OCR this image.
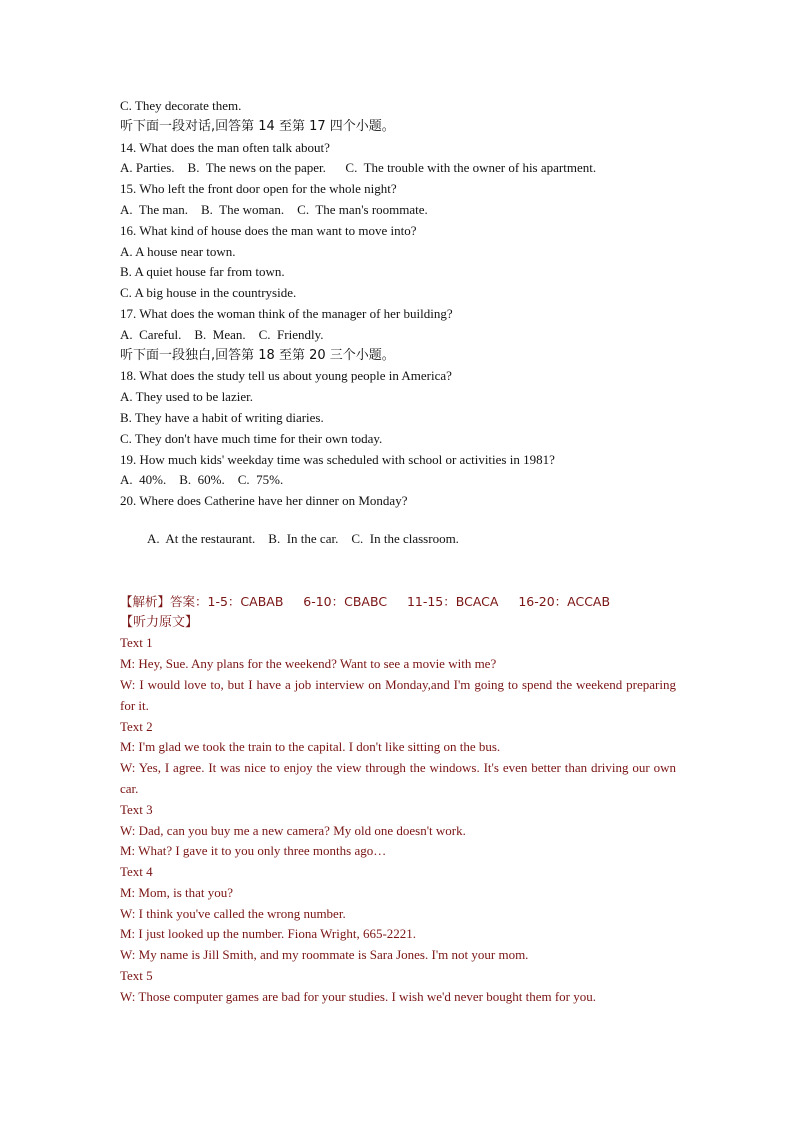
C. They decorate them.
听下面一段对话,回答第 14 至第 17 四个小题。
14. What does the man often talk about?
A. Parties.    B.  The news on the paper.      C.  The trouble with the owner of his apartment.
15. Who left the front door open for the whole night?
A.  The man.    B.  The woman.    C.  The man's roommate.
16. What kind of house does the man want to move into?
A. A house near town.
B. A quiet house far from town.
C. A big house in the countryside.
17. What does the woman think of the manager of her building?
A.  Careful.    B.  Mean.    C.  Friendly.
听下面一段独白,回答第 18 至第 20 三个小题。
18. What does the study tell us about young people in America?
A. They used to be lazier.
B. They have a habit of writing diaries.
C. They don't have much time for their own today.
19. How much kids' weekday time was scheduled with school or activities in 1981?
A.  40%.    B.  60%.    C.  75%.
20. Where does Catherine have her dinner on Monday?
A.  At the restaurant.    B.  In the car.    C.  In the classroom.
【解析】答案：1-5：CABAB     6-10：CBABC     11-15：BCACA     16-20：ACCAB
【听力原文】
Text 1
M: Hey, Sue. Any plans for the weekend? Want to see a movie with me?
W: I would love to, but I have a job interview on Monday,and I'm going to spend the weekend preparing for it.
Text 2
M: I'm glad we took the train to the capital. I don't like sitting on the bus.
W: Yes, I agree. It was nice to enjoy the view through the windows. It's even better than driving our own car.
Text 3
W: Dad, can you buy me a new camera? My old one doesn't work.
M: What? I gave it to you only three months ago…
Text 4
M: Mom, is that you?
W: I think you've called the wrong number.
M: I just looked up the number. Fiona Wright, 665-2221.
W: My name is Jill Smith, and my roommate is Sara Jones. I'm not your mom.
Text 5
W: Those computer games are bad for your studies. I wish we'd never bought them for you.
